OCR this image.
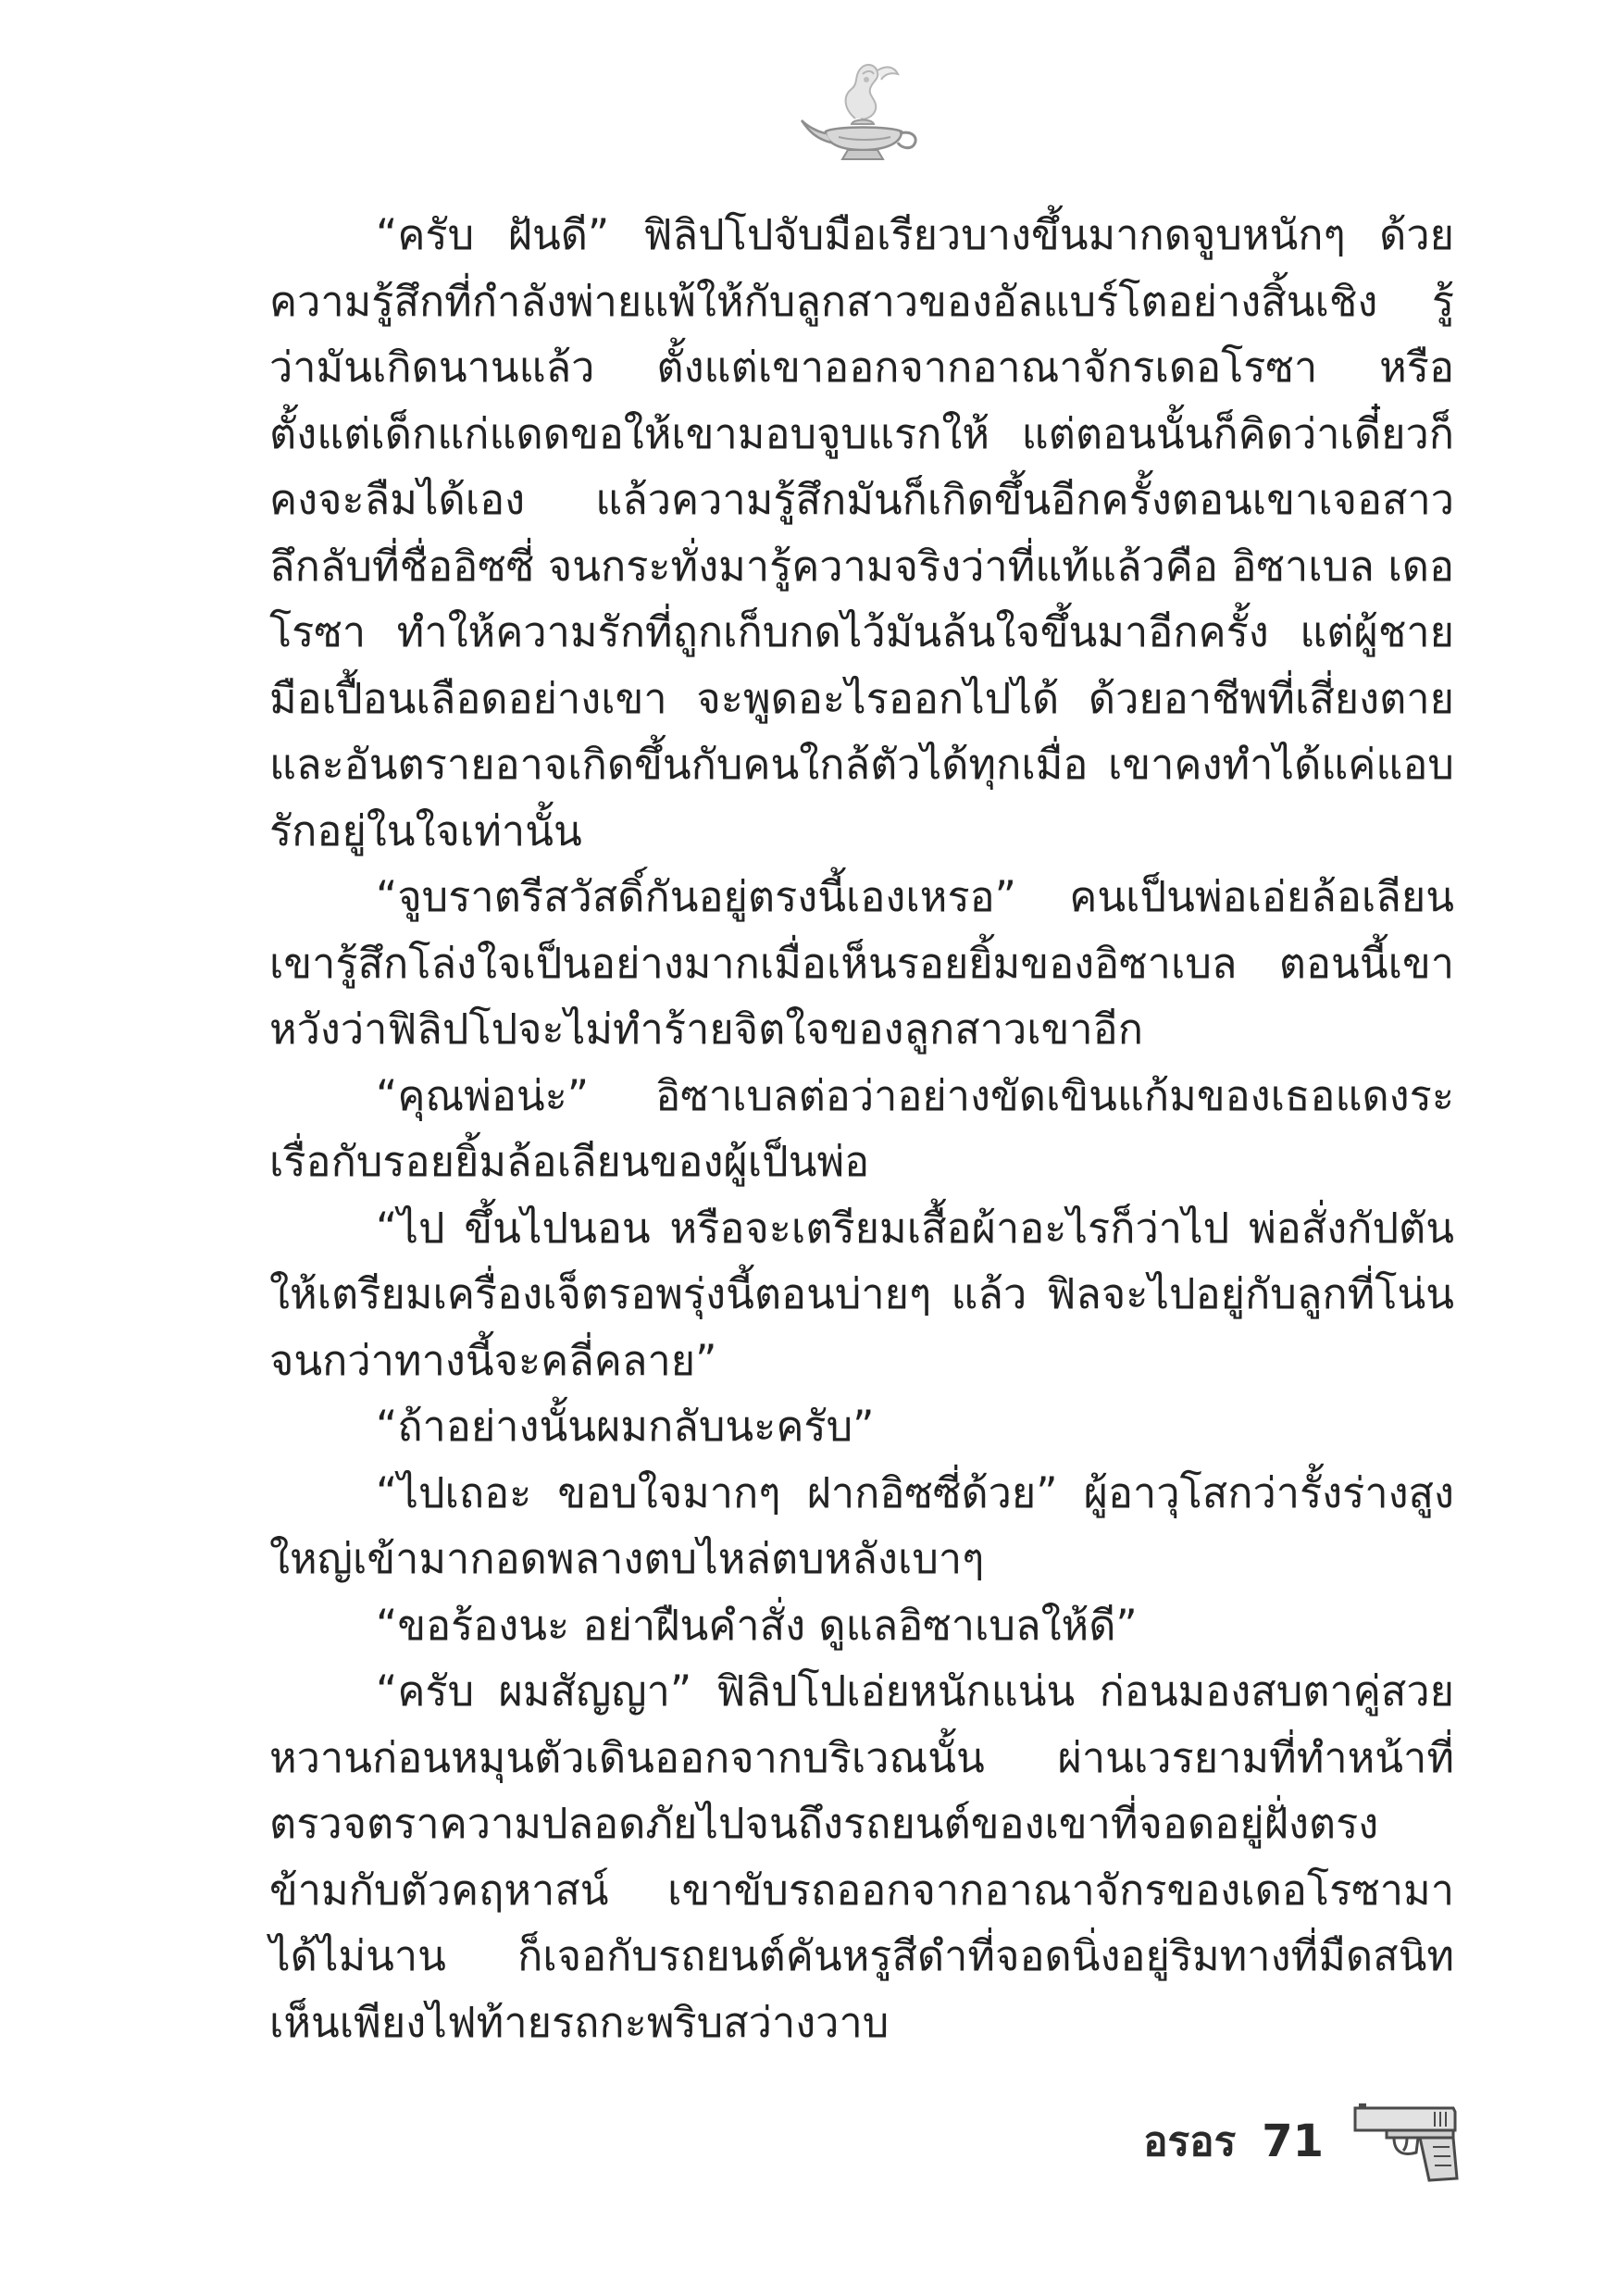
“ครับ ฝันดี” ฟิลิปโปจับมือเรียวบางขึ้นมากดจูบหนักๆ ด้วยความรู้สึกที่กำลังพ่ายแพ้ให้กับลูกสาวของอัลแบร์โตอย่างสิ้นเชิง รู้ว่ามันเกิดนานแล้ว ตั้งแต่เขาออกจากอาณาจักรเดอโรซา หรือตั้งแต่เด็กแก่แดดขอให้เขามอบจูบแรกให้ แต่ตอนนั้นก็คิดว่าเดี๋ยวก็คงจะลืมได้เอง แล้วความรู้สึกมันก็เกิดขึ้นอีกครั้งตอนเขาเจอสาวลึกลับที่ชื่ออิซซี่ จนกระทั่งมารู้ความจริงว่าที่แท้แล้วคือ อิซาเบล เดอโรซา ทำให้ความรักที่ถูกเก็บกดไว้มันล้นใจขึ้นมาอีกครั้ง แต่ผู้ชายมือเปื้อนเลือดอย่างเขา จะพูดอะไรออกไปได้ ด้วยอาชีพที่เสี่ยงตายและอันตรายอาจเกิดขึ้นกับคนใกล้ตัวได้ทุกเมื่อ เขาคงทำได้แค่แอบรักอยู่ในใจเท่านั้น

“จูบราตรีสวัสดิ์กันอยู่ตรงนี้เองเหรอ” คนเป็นพ่อเอ่ยล้อเลียน เขารู้สึกโล่งใจเป็นอย่างมากเมื่อเห็นรอยยิ้มของอิซาเบล ตอนนี้เขาหวังว่าฟิลิปโปจะไม่ทำร้ายจิตใจของลูกสาวเขาอีก

“คุณพ่อน่ะ” อิซาเบลต่อว่าอย่างขัดเขินแก้มของเธอแดงระเรื่อกับรอยยิ้มล้อเลียนของผู้เป็นพ่อ

“ไป ขึ้นไปนอน หรือจะเตรียมเสื้อผ้าอะไรก็ว่าไป พ่อสั่งกัปตันให้เตรียมเครื่องเจ็ตรอพรุ่งนี้ตอนบ่ายๆ แล้ว ฟิลจะไปอยู่กับลูกที่โน่นจนกว่าทางนี้จะคลี่คลาย”

“ถ้าอย่างนั้นผมกลับนะครับ”

“ไปเถอะ ขอบใจมากๆ ฝากอิซซี่ด้วย” ผู้อาวุโสกว่ารั้งร่างสูงใหญ่เข้ามากอดพลางตบไหล่ตบหลังเบาๆ

“ขอร้องนะ อย่าฝืนคำสั่ง ดูแลอิซาเบลให้ดี”

“ครับ ผมสัญญา” ฟิลิปโปเอ่ยหนักแน่น ก่อนมองสบตาคู่สวยหวานก่อนหมุนตัวเดินออกจากบริเวณนั้น ผ่านเวรยามที่ทำหน้าที่ตรวจตราความปลอดภัยไปจนถึงรถยนต์ของเขาที่จอดอยู่ฝั่งตรงข้ามกับตัวคฤหาสน์ เขาขับรถออกจากอาณาจักรของเดอโรซามาได้ไม่นาน ก็เจอกับรถยนต์คันหรูสีดำที่จอดนิ่งอยู่ริมทางที่มืดสนิทเห็นเพียงไฟท้ายรถกะพริบสว่างวาบ

อรอร 71
